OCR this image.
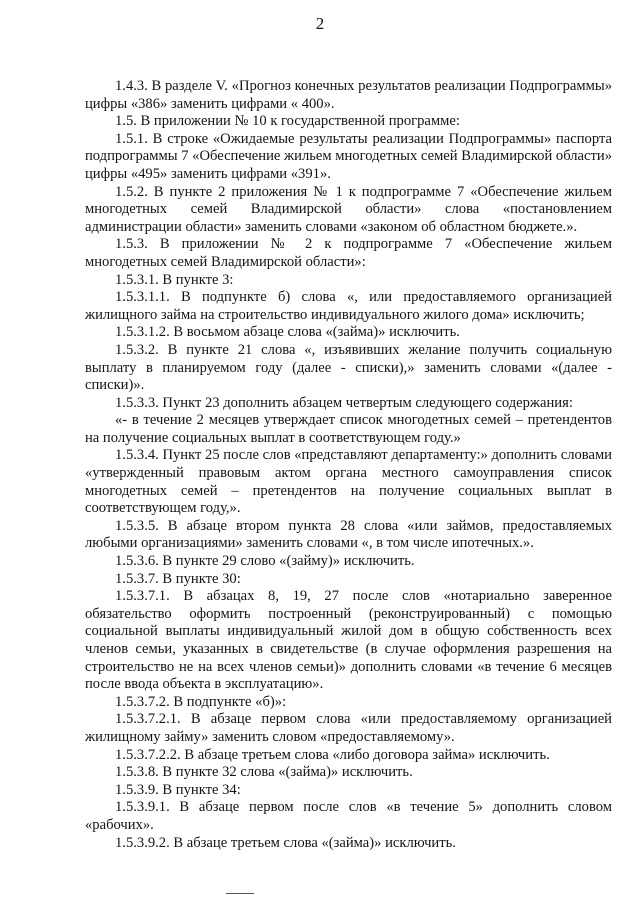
2

1.4.3. В разделе V. «Прогноз конечных результатов реализации Подпрограммы» цифры «386» заменить цифрами « 400».

1.5. В приложении № 10 к государственной программе:

1.5.1. В строке «Ожидаемые результаты реализации Подпрограммы» паспорта подпрограммы 7 «Обеспечение жильем многодетных семей Владимирской области» цифры «495» заменить цифрами «391».

1.5.2. В пункте 2 приложения № 1 к подпрограмме 7 «Обеспечение жильем многодетных семей Владимирской области» слова «постановлением администрации области» заменить словами «законом об областном бюджете.».

1.5.3. В приложении № 2 к подпрограмме 7 «Обеспечение жильем многодетных семей Владимирской области»:

1.5.3.1. В пункте 3:

1.5.3.1.1. В подпункте б) слова «, или предоставляемого организацией жилищного займа на строительство индивидуального жилого дома» исключить;

1.5.3.1.2. В восьмом абзаце слова «(займа)» исключить.

1.5.3.2. В пункте 21 слова «, изъявивших желание получить социальную выплату в планируемом году (далее - списки),» заменить словами «(далее - списки)».

1.5.3.3. Пункт 23 дополнить абзацем четвертым следующего содержания:

«- в течение 2 месяцев утверждает список многодетных семей – претендентов на получение социальных выплат в соответствующем году.»

1.5.3.4. Пункт 25 после слов «представляют департаменту:» дополнить словами «утвержденный правовым актом органа местного самоуправления список многодетных семей – претендентов на получение социальных выплат в соответствующем году,».

1.5.3.5. В абзаце втором пункта 28 слова «или займов, предоставляемых любыми организациями» заменить словами «, в том числе ипотечных.».

1.5.3.6. В пункте 29 слово «(займу)» исключить.

1.5.3.7. В пункте 30:

1.5.3.7.1. В абзацах 8, 19, 27 после слов «нотариально заверенное обязательство оформить построенный (реконструированный) с помощью социальной выплаты индивидуальный жилой дом в общую собственность всех членов семьи, указанных в свидетельстве (в случае оформления разрешения на строительство не на всех членов семьи)» дополнить словами «в течение 6 месяцев после ввода объекта в эксплуатацию».

1.5.3.7.2. В подпункте «б)»:

1.5.3.7.2.1. В абзаце первом слова «или предоставляемому организацией жилищному займу» заменить словом «предоставляемому».

1.5.3.7.2.2. В абзаце третьем слова «либо договора займа» исключить.

1.5.3.8. В пункте 32 слова «(займа)» исключить.

1.5.3.9. В пункте 34:

1.5.3.9.1. В абзаце первом после слов «в течение 5» дополнить словом «рабочих».

1.5.3.9.2. В абзаце третьем слова «(займа)» исключить.
